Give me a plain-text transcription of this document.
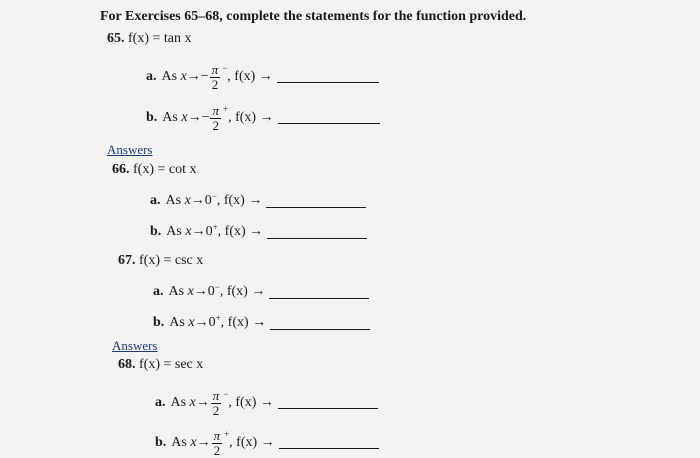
For Exercises 65–68, complete the statements for the function provided.
65. f(x) = tan x
a. As
x → − $\frac{\pi}{2}$ −
,
f(x)
→
b. As
x → − $\frac{\pi}{2}$ +
,
f(x)
→
Answers
66. f(x) = cot x
a. As
x → 0 − ,
f(x)
→
b. As
x → 0 + ,
f(x)
→
67. f(x) = csc x
a. As
x → 0 − ,
f(x)
→
b. As
x → 0 + ,
f(x)
→
Answers
68. f(x) = sec x
a. As
$x \to \frac{\pi}{2}$ −
,
f(x)
→
b. As
$x \to \frac{\pi}{2}$ +
,
f(x)
→
